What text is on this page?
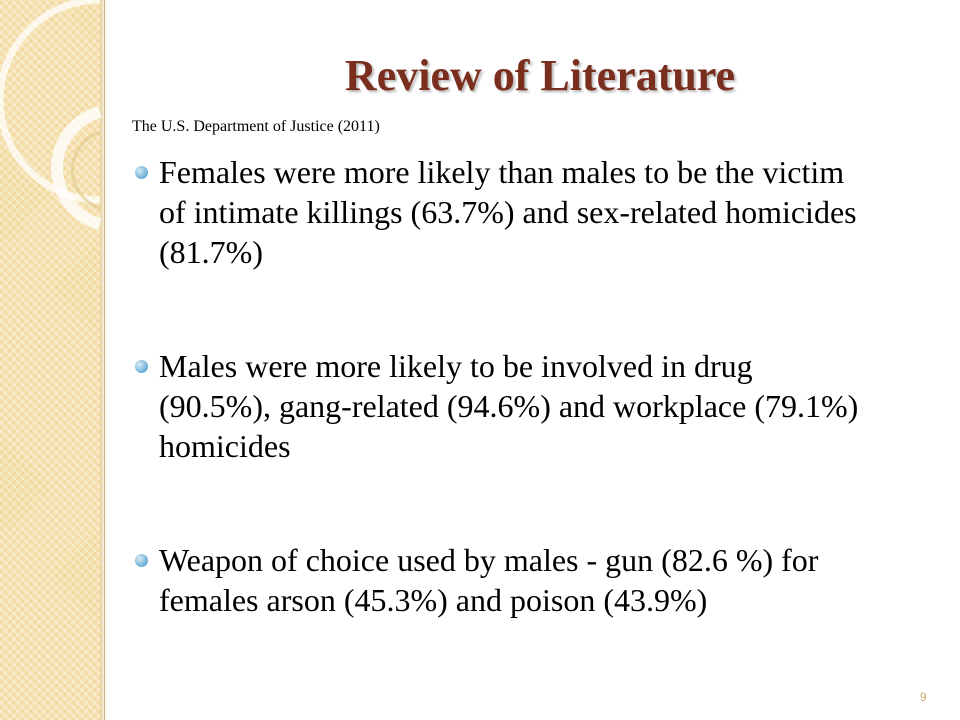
Review of Literature
The U.S. Department of Justice (2011)
Females were more likely than males to be the victim of intimate killings (63.7%) and sex-related homicides (81.7%)
Males were more likely to be involved in drug (90.5%), gang-related (94.6%) and workplace (79.1%) homicides
Weapon of choice used by males - gun (82.6 %) for females arson (45.3%) and poison (43.9%)
9
